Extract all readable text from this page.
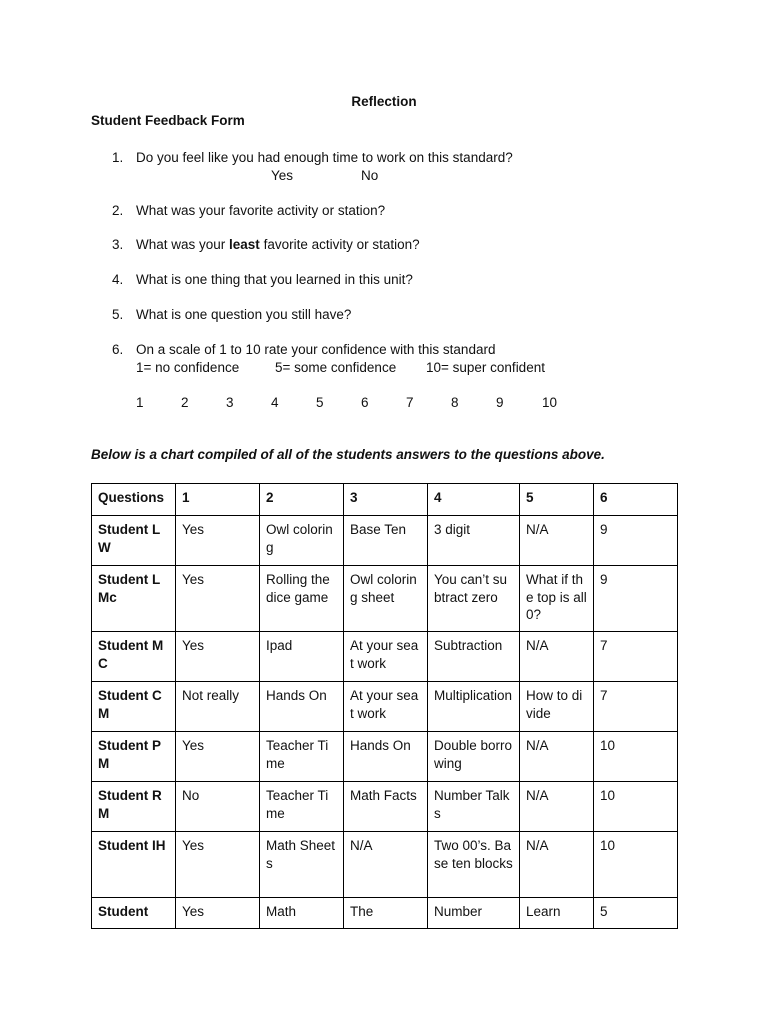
Reflection
Student Feedback Form
1. Do you feel like you had enough time to work on this standard?
Yes	No
2. What was your favorite activity or station?
3. What was your least favorite activity or station?
4. What is one thing that you learned in this unit?
5. What is one question you still have?
6. On a scale of 1 to 10 rate your confidence with this standard
1= no confidence	5= some confidence 10= super confident
1	2	3	4	5	6	7	8	9	10
Below is a chart compiled of all of the students answers to the questions above.
Questions	1	2	3	4	5	6
Student LW	Yes	Owl coloring	Base Ten	3 digit	N/A	9
Student LMc	Yes	Rolling the dice game	Owl coloring sheet	You can’t subtract zero	What if the top is all 0?	9
Student MC	Yes	Ipad	At your seat work	Subtraction	N/A	7
Student CM	Not really	Hands On	At your seat work	Multiplication	How to divide	7
Student PM	Yes	Teacher Time	Hands On	Double borrowing	N/A	10
Student RM	No	Teacher Time	Math Facts	Number Talks	N/A	10
Student IH	Yes	Math Sheets	N/A	Two 00’s. Base ten blocks	N/A	10
Student	Yes	Math	The	Number	Learn	5
